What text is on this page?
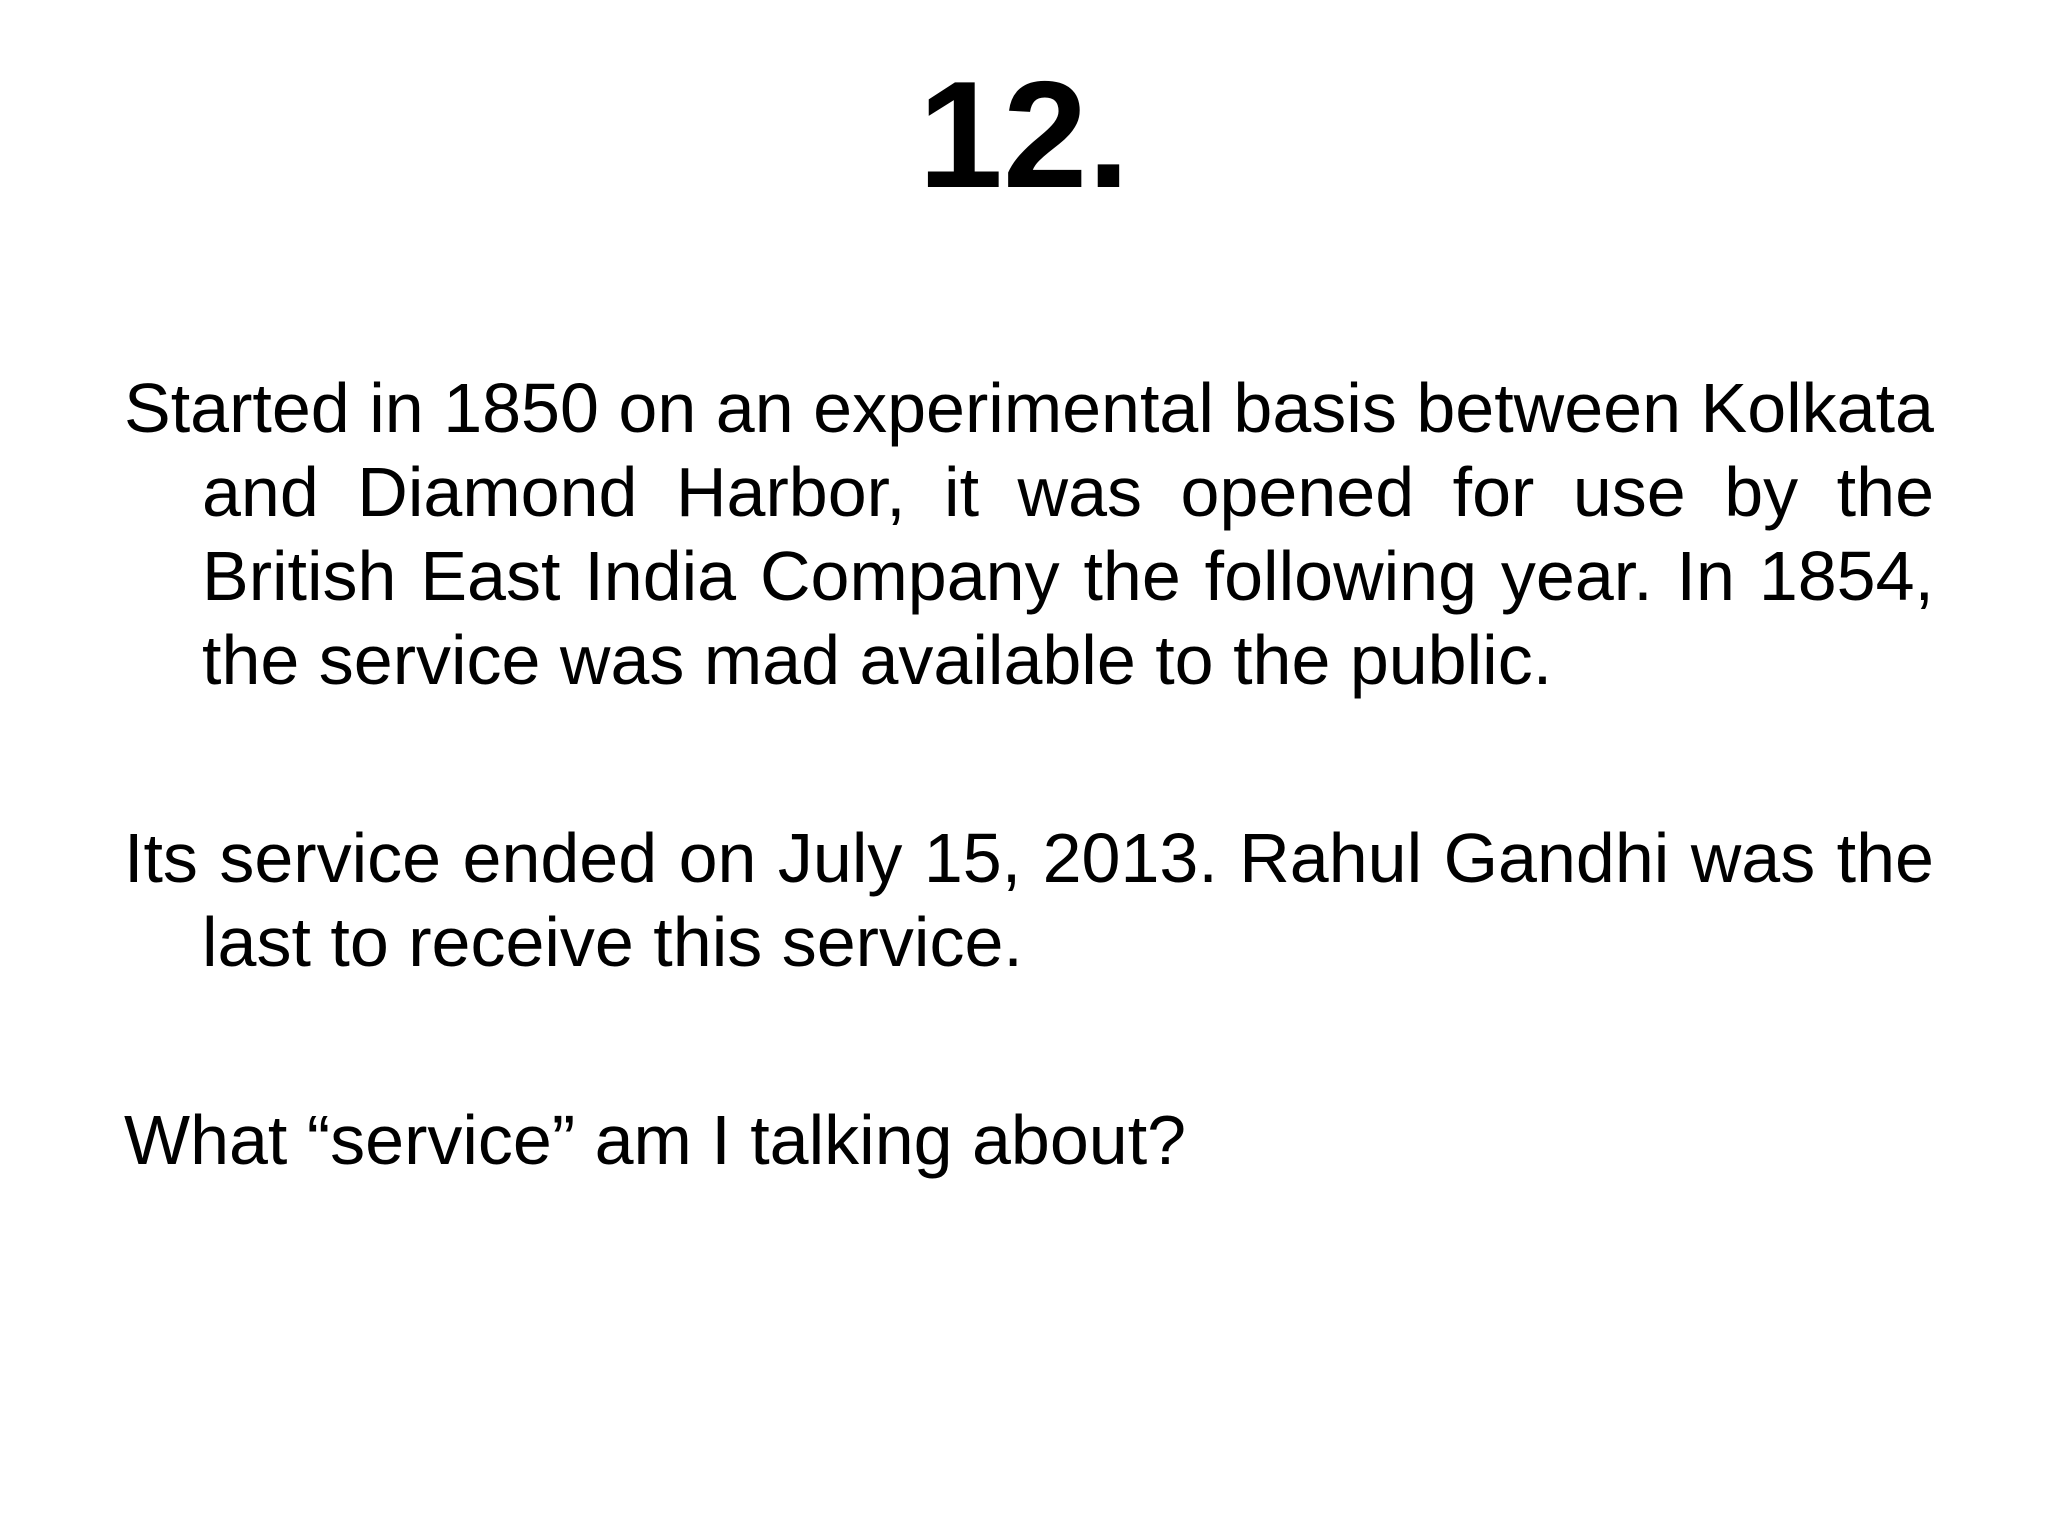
12.

Started in 1850 on an experimental basis between Kolkata and Diamond Harbor, it was opened for use by the British East India Company the following year. In 1854, the service was mad available to the public.

Its service ended on July 15, 2013. Rahul Gandhi was the last to receive this service.

What “service” am I talking about?
